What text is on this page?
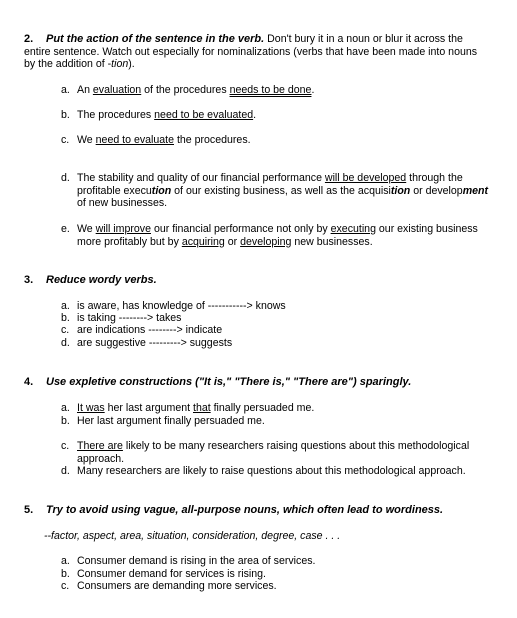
2. Put the action of the sentence in the verb. Don't bury it in a noun or blur it across the entire sentence. Watch out especially for nominalizations (verbs that have been made into nouns by the addition of -tion).
a. An evaluation of the procedures needs to be done.
b. The procedures need to be evaluated.
c. We need to evaluate the procedures.
d. The stability and quality of our financial performance will be developed through the profitable execution of our existing business, as well as the acquisition or development of new businesses.
e. We will improve our financial performance not only by executing our existing business more profitably but by acquiring or developing new businesses.
3. Reduce wordy verbs.
a. is aware, has knowledge of -----------> knows
b. is taking --------> takes
c. are indications --------> indicate
d. are suggestive ---------> suggests
4. Use expletive constructions ("It is," "There is," "There are") sparingly.
a. It was her last argument that finally persuaded me.
b. Her last argument finally persuaded me.
c. There are likely to be many researchers raising questions about this methodological approach.
d. Many researchers are likely to raise questions about this methodological approach.
5. Try to avoid using vague, all-purpose nouns, which often lead to wordiness.
--factor, aspect, area, situation, consideration, degree, case . . .
a. Consumer demand is rising in the area of services.
b. Consumer demand for services is rising.
c. Consumers are demanding more services.
